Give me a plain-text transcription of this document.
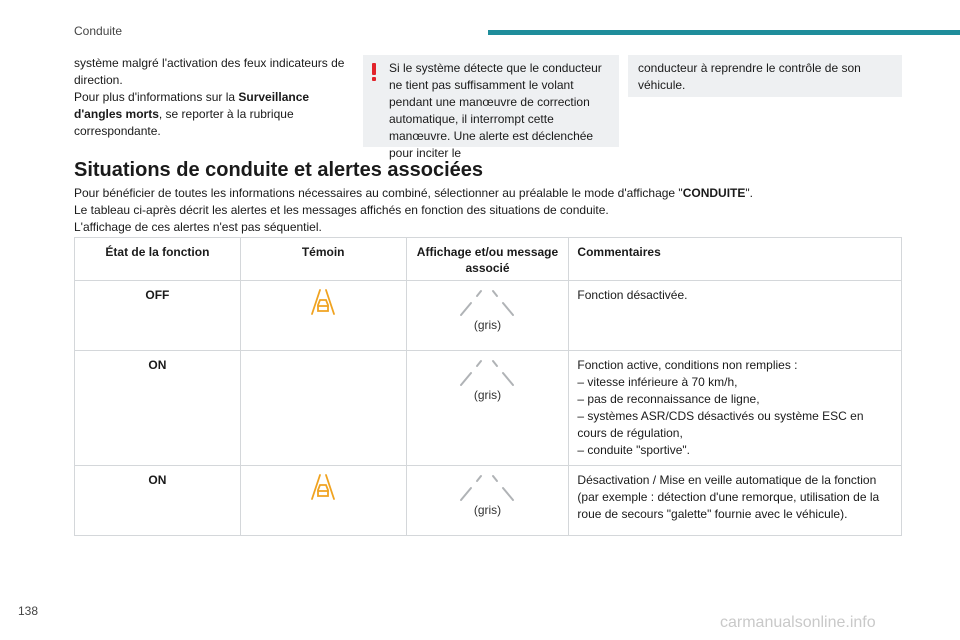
Conduite
système malgré l'activation des feux indicateurs de direction.
Pour plus d'informations sur la Surveillance d'angles morts, se reporter à la rubrique correspondante.
Si le système détecte que le conducteur ne tient pas suffisamment le volant pendant une manœuvre de correction automatique, il interrompt cette manœuvre. Une alerte est déclenchée pour inciter le
conducteur à reprendre le contrôle de son véhicule.
Situations de conduite et alertes associées
Pour bénéficier de toutes les informations nécessaires au combiné, sélectionner au préalable le mode d'affichage "CONDUITE".
Le tableau ci-après décrit les alertes et les messages affichés en fonction des situations de conduite.
L'affichage de ces alertes n'est pas séquentiel.
État de la fonction	Témoin	Affichage et/ou message associé	Commentaires
OFF		(gris)	Fonction désactivée.
ON		(gris)	Fonction active, conditions non remplies :
– vitesse inférieure à 70 km/h,
– pas de reconnaissance de ligne,
– systèmes ASR/CDS désactivés ou système ESC en cours de régulation,
– conduite "sportive".
ON		(gris)	Désactivation / Mise en veille automatique de la fonction (par exemple : détection d'une remorque, utilisation de la roue de secours "galette" fournie avec le véhicule).
138
carmanualsonline.info
